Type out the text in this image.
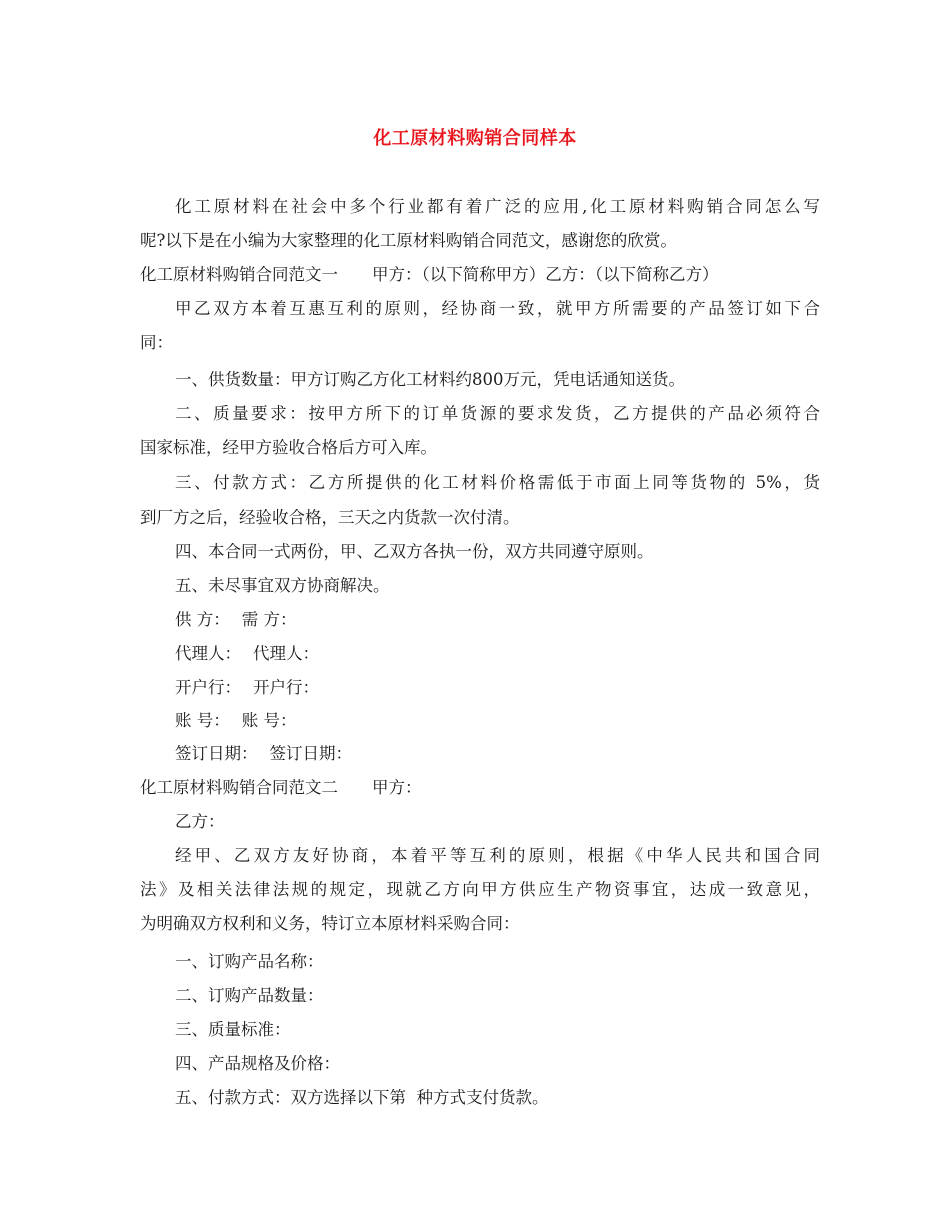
化工原材料购销合同样本
化工原材料在社会中多个行业都有着广泛的应用,化工原材料购销合同怎么写
呢?以下是在小编为大家整理的化工原材料购销合同范文，感谢您的欣赏。
化工原材料购销合同范文一 甲方：（以下简称甲方）乙方：（以下简称乙方）
甲乙双方本着互惠互利的原则，经协商一致，就甲方所需要的产品签订如下合
同：
一、供货数量：甲方订购乙方化工材料约800万元，凭电话通知送货。
二、质量要求：按甲方所下的订单货源的要求发货，乙方提供的产品必须符合
国家标准，经甲方验收合格后方可入库。
三、付款方式：乙方所提供的化工材料价格需低于市面上同等货物的 5%，货
到厂方之后，经验收合格，三天之内货款一次付清。
四、本合同一式两份，甲、乙双方各执一份，双方共同遵守原则。
五、未尽事宜双方协商解决。
供 方： 需 方：
代理人： 代理人：
开户行： 开户行：
账 号： 账 号：
签订日期： 签订日期：
化工原材料购销合同范文二 甲方：
乙方：
经甲、乙双方友好协商，本着平等互利的原则，根据《中华人民共和国合同
法》及相关法律法规的规定，现就乙方向甲方供应生产物资事宜，达成一致意见，
为明确双方权利和义务，特订立本原材料采购合同：
一、订购产品名称：
二、订购产品数量：
三、质量标准：
四、产品规格及价格：
五、付款方式：双方选择以下第  种方式支付货款。
